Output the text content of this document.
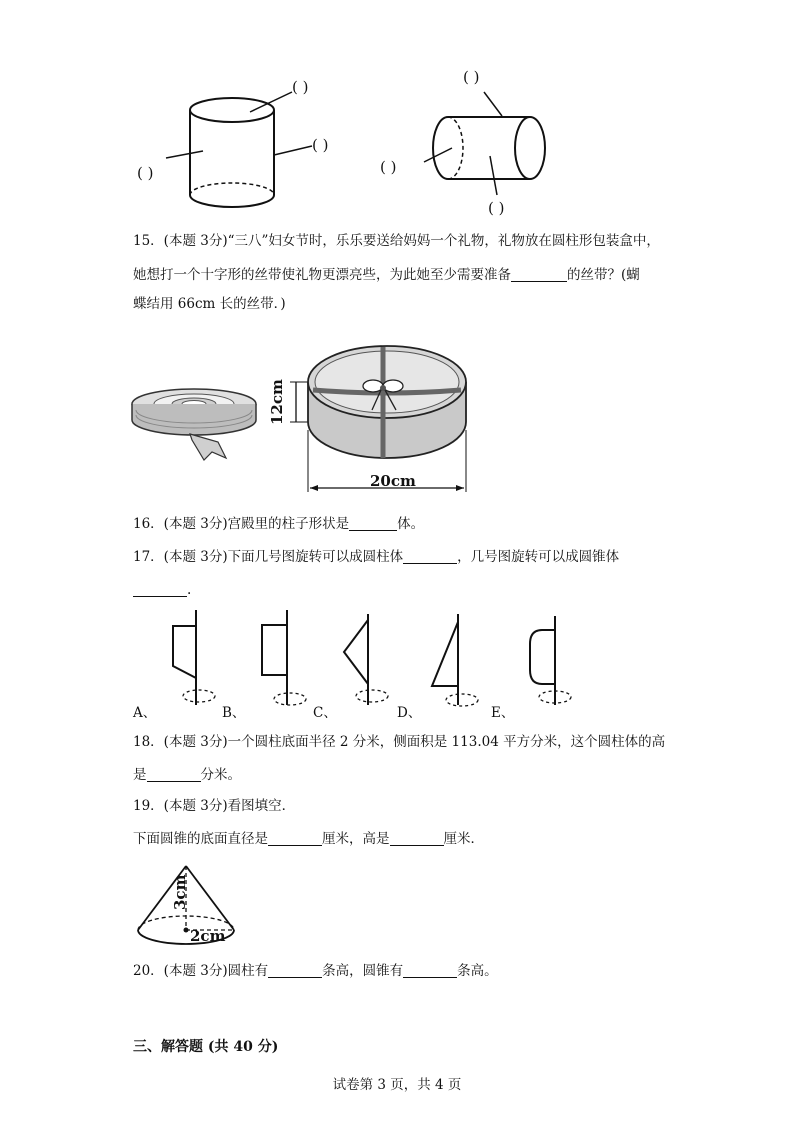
( )
( )
( )
( )
( )
( )
15．(本题 3分)“三八”妇女节时，乐乐要送给妈妈一个礼物，礼物放在圆柱形包装盒中，
她想打一个十字形的丝带使礼物更漂亮些，为此她至少需要准备	的丝带？(蝴
蝶结用 66cm 长的丝带．)
12cm
20cm
16．(本题 3分)宫殿里的柱子形状是	体。
17．(本题 3分)下面几号图旋转可以成圆柱体	，几号图旋转可以成圆锥体
.
A、	B、	C、	D、	E、
18．(本题 3分)一个圆柱底面半径 2 分米，侧面积是 113.04 平方分米，这个圆柱体的高
是	分米。
19．(本题 3分)看图填空．
下面圆锥的底面直径是	厘米，高是	厘米．
3cm
2cm
20．(本题 3分)圆柱有	条高，圆锥有	条高。
三、解答题 (共 40 分)
试卷第 3 页，共 4 页
